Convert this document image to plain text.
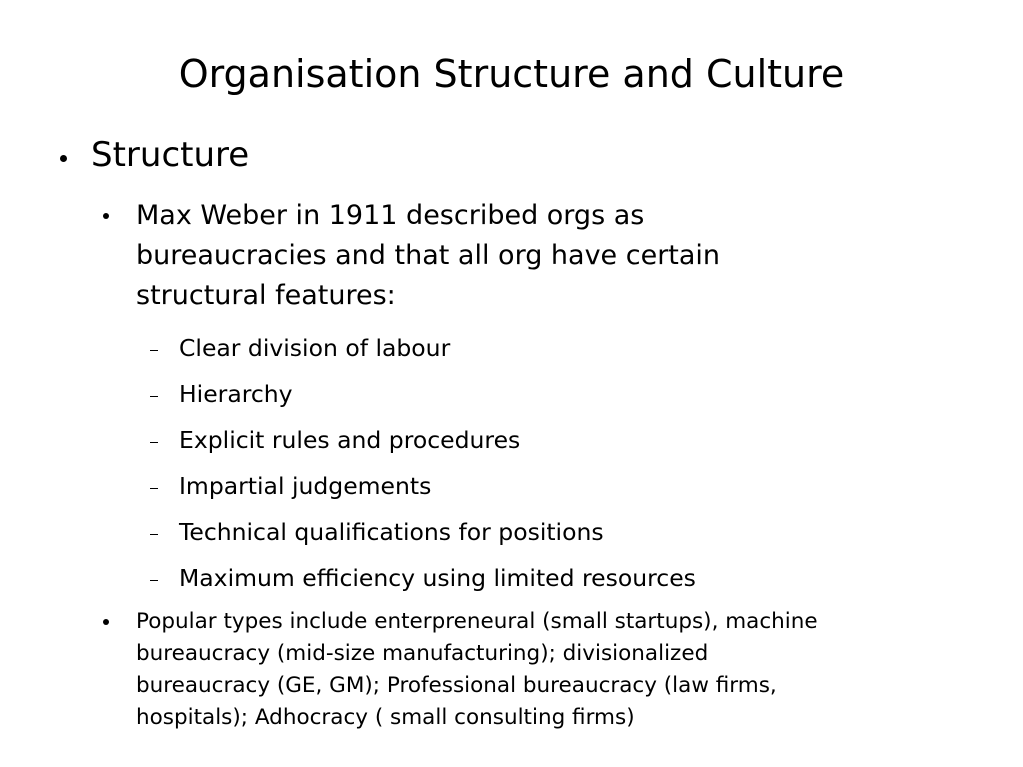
Organisation Structure and Culture
Structure
Max Weber in 1911 described orgs as
bureaucracies and that all org have certain
structural features:
Clear division of labour
Hierarchy
Explicit rules and procedures
Impartial judgements
Technical qualifications for positions
Maximum efficiency using limited resources
Popular types include enterpreneural (small startups), machine
bureaucracy (mid-size manufacturing); divisionalized
bureaucracy (GE, GM); Professional bureaucracy (law firms,
hospitals); Adhocracy ( small consulting firms)
